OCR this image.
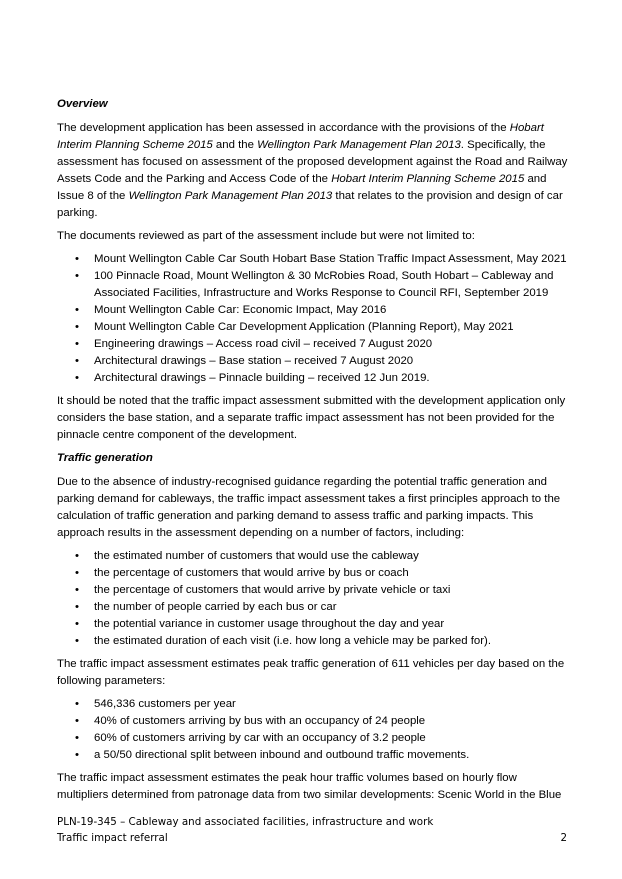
Overview

The development application has been assessed in accordance with the provisions of the Hobart Interim Planning Scheme 2015 and the Wellington Park Management Plan 2013. Specifically, the assessment has focused on assessment of the proposed development against the Road and Railway Assets Code and the Parking and Access Code of the Hobart Interim Planning Scheme 2015 and Issue 8 of the Wellington Park Management Plan 2013 that relates to the provision and design of car parking.

The documents reviewed as part of the assessment include but were not limited to:

• Mount Wellington Cable Car South Hobart Base Station Traffic Impact Assessment, May 2021
• 100 Pinnacle Road, Mount Wellington & 30 McRobies Road, South Hobart – Cableway and Associated Facilities, Infrastructure and Works Response to Council RFI, September 2019
• Mount Wellington Cable Car: Economic Impact, May 2016
• Mount Wellington Cable Car Development Application (Planning Report), May 2021
• Engineering drawings – Access road civil – received 7 August 2020
• Architectural drawings – Base station – received 7 August 2020
• Architectural drawings – Pinnacle building – received 12 Jun 2019.

It should be noted that the traffic impact assessment submitted with the development application only considers the base station, and a separate traffic impact assessment has not been provided for the pinnacle centre component of the development.

Traffic generation

Due to the absence of industry-recognised guidance regarding the potential traffic generation and parking demand for cableways, the traffic impact assessment takes a first principles approach to the calculation of traffic generation and parking demand to assess traffic and parking impacts. This approach results in the assessment depending on a number of factors, including:

• the estimated number of customers that would use the cableway
• the percentage of customers that would arrive by bus or coach
• the percentage of customers that would arrive by private vehicle or taxi
• the number of people carried by each bus or car
• the potential variance in customer usage throughout the day and year
• the estimated duration of each visit (i.e. how long a vehicle may be parked for).

The traffic impact assessment estimates peak traffic generation of 611 vehicles per day based on the following parameters:

• 546,336 customers per year
• 40% of customers arriving by bus with an occupancy of 24 people
• 60% of customers arriving by car with an occupancy of 3.2 people
• a 50/50 directional split between inbound and outbound traffic movements.

The traffic impact assessment estimates the peak hour traffic volumes based on hourly flow multipliers determined from patronage data from two similar developments: Scenic World in the Blue

PLN-19-345 – Cableway and associated facilities, infrastructure and work
Traffic impact referral	2
